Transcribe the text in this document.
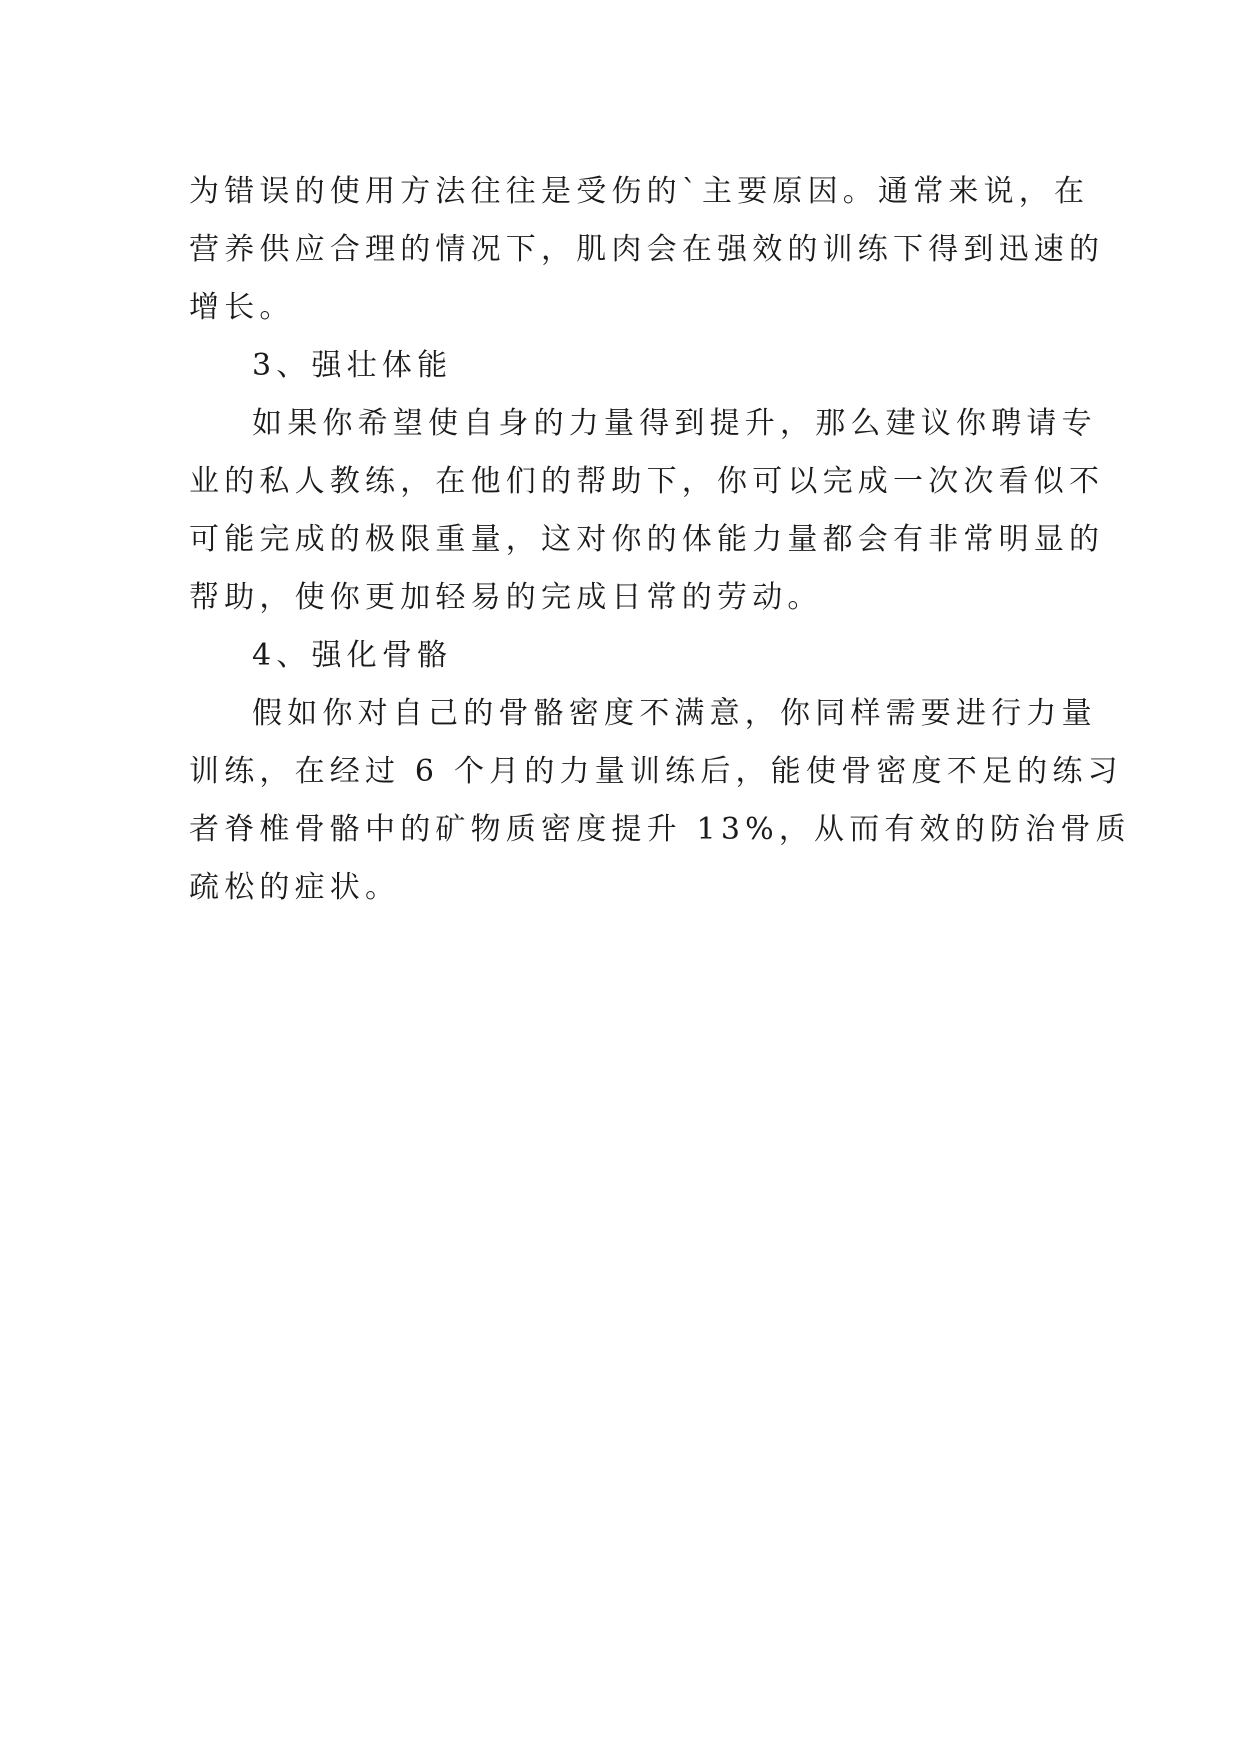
为错误的使用方法往往是受伤的`主要原因。通常来说，在
营养供应合理的情况下，肌肉会在强效的训练下得到迅速的
增长。
3、强壮体能
如果你希望使自身的力量得到提升，那么建议你聘请专
业的私人教练，在他们的帮助下，你可以完成一次次看似不
可能完成的极限重量，这对你的体能力量都会有非常明显的
帮助，使你更加轻易的完成日常的劳动。
4、强化骨骼
假如你对自己的骨骼密度不满意，你同样需要进行力量
训练，在经过 6 个月的力量训练后，能使骨密度不足的练习
者脊椎骨骼中的矿物质密度提升 13%，从而有效的防治骨质
疏松的症状。
